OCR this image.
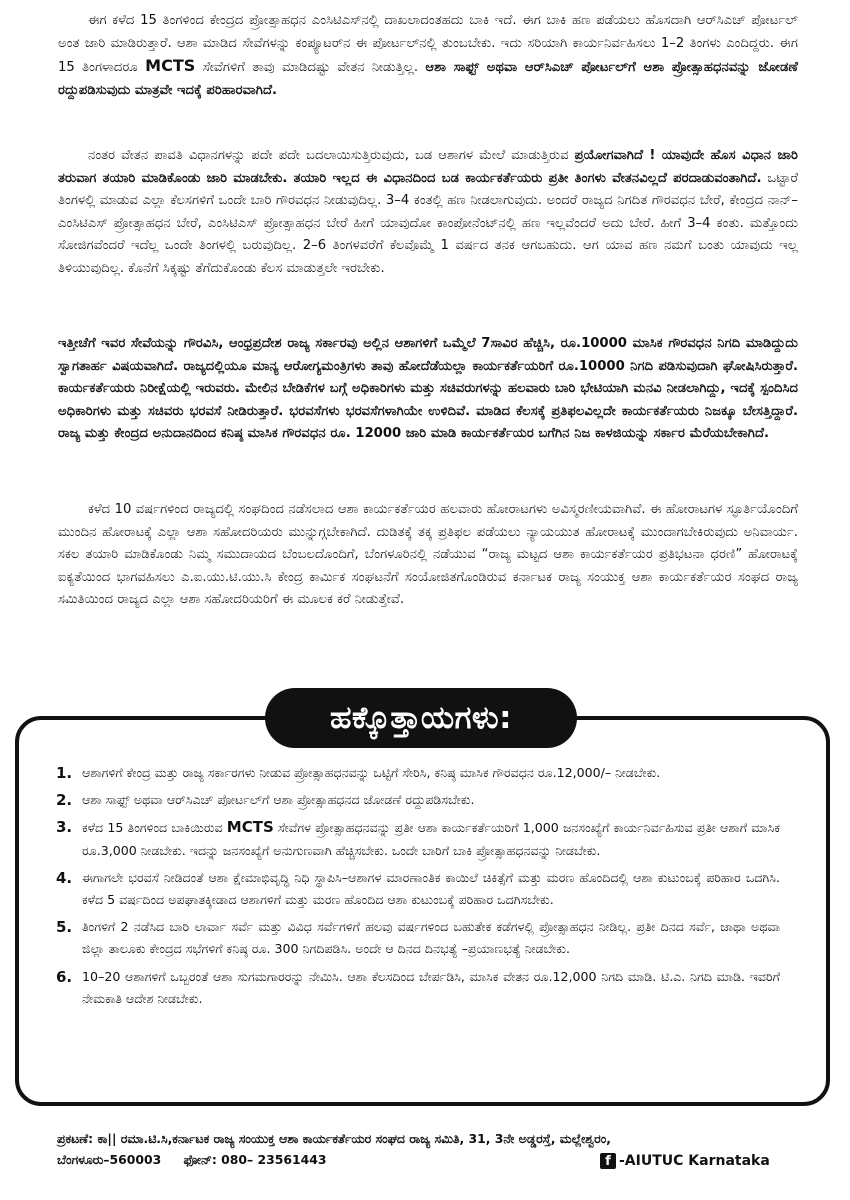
ಈಗ ಕಳೆದ 15 ತಿಂಗಳಿಂದ ಕೇಂದ್ರದ ಪ್ರೋತ್ಸಾಹಧನ ಎಂಸಿಟಿಎಸ್‌ನಲ್ಲಿ ದಾಖಲಾದಂತಹದು ಬಾಕಿ ಇದೆ. ಈಗ ಬಾಕಿ ಹಣ ಪಡೆಯಲು ಹೊಸದಾಗಿ ಆರ್‌ಸಿಎಚ್ ಪೋರ್ಟಲ್ ಅಂತ ಜಾರಿ ಮಾಡಿರುತ್ತಾರೆ. ಆಶಾ ಮಾಡಿದ ಸೇವೆಗಳನ್ನು ಕಂಪ್ಯೂಟರ್‌ನ ಈ ಪೋರ್ಟಲ್‌ನಲ್ಲಿ ತುಂಬಬೇಕು. ಇದು ಸರಿಯಾಗಿ ಕಾರ್ಯನಿರ್ವಹಿಸಲು 1–2 ತಿಂಗಳು ಎಂದಿದ್ದರು. ಈಗ 15 ತಿಂಗಳಾದರೂ MCTS ಸೇವೆಗಳಿಗೆ ತಾವು ಮಾಡಿದಷ್ಟು ವೇತನ ನೀಡುತ್ತಿಲ್ಲ. ಆಶಾ ಸಾಫ್ಟ್ ಅಥವಾ ಆರ್‌ಸಿಎಚ್ ಪೋರ್ಟಲ್‌ಗೆ ಆಶಾ ಪ್ರೋತ್ಸಾಹಧನವನ್ನು ಜೋಡಣೆ ರದ್ದುಪಡಿಸುವುದು ಮಾತ್ರವೇ ಇದಕ್ಕೆ ಪರಿಹಾರವಾಗಿದೆ.

ನಂತರ ವೇತನ ಪಾವತಿ ವಿಧಾನಗಳನ್ನು ಪದೇ ಪದೇ ಬದಲಾಯಿಸುತ್ತಿರುವುದು, ಬಡ ಆಶಾಗಳ ಮೇಲೆ ಮಾಡುತ್ತಿರುವ ಪ್ರಯೋಗವಾಗಿದೆ ! ಯಾವುದೇ ಹೊಸ ವಿಧಾನ ಜಾರಿ ತರುವಾಗ ತಯಾರಿ ಮಾಡಿಕೊಂಡು ಜಾರಿ ಮಾಡಬೇಕು. ತಯಾರಿ ಇಲ್ಲದ ಈ ವಿಧಾನದಿಂದ ಬಡ ಕಾರ್ಯಕರ್ತೆಯರು ಪ್ರತೀ ತಿಂಗಳು ವೇತನವಿಲ್ಲದೆ ಪರದಾಡುವಂತಾಗಿದೆ. ಒಟ್ಟಾರೆ ತಿಂಗಳಲ್ಲಿ ಮಾಡುವ ಎಲ್ಲಾ ಕೆಲಸಗಳಿಗೆ ಒಂದೇ ಬಾರಿ ಗೌರವಧನ ನೀಡುವುದಿಲ್ಲ. 3–4 ಕಂತಲ್ಲಿ ಹಣ ನೀಡಲಾಗುವುದು. ಅಂದರೆ ರಾಜ್ಯದ ನಿಗದಿತ ಗೌರವಧನ ಬೇರೆ, ಕೇಂದ್ರದ ನಾನ್–ಎಂಸಿಟಿಎಸ್ ಪ್ರೋತ್ಸಾಹಧನ ಬೇರೆ, ಎಂಸಿಟಿಎಸ್ ಪ್ರೋತ್ಸಾಹಧನ ಬೇರೆ ಹೀಗೆ ಯಾವುದೋ ಕಾಂಪೋನೆಂಟ್‌ನಲ್ಲಿ ಹಣ ಇಲ್ಲವೆಂದರೆ ಅದು ಬೇರೆ. ಹೀಗೆ 3–4 ಕಂತು. ಮತ್ತೊಂದು ಸೋಜಿಗವೆಂದರೆ ಇದೆಲ್ಲ ಒಂದೇ ತಿಂಗಳಲ್ಲಿ ಬರುವುದಿಲ್ಲ. 2–6 ತಿಂಗಳವರೆಗೆ ಕೆಲವೊಮ್ಮೆ 1 ವರ್ಷದ ತನಕ ಆಗಬಹುದು. ಆಗ ಯಾವ ಹಣ ನಮಗೆ ಬಂತು ಯಾವುದು ಇಲ್ಲ ತಿಳಿಯುವುದಿಲ್ಲ. ಕೊನೆಗೆ ಸಿಕ್ಕಷ್ಟು ತೆಗೆದುಕೊಂಡು ಕೆಲಸ ಮಾಡುತ್ತಲೇ ಇರಬೇಕು.

ಇತ್ತೀಚೆಗೆ ಇವರ ಸೇವೆಯನ್ನು ಗೌರವಿಸಿ, ಆಂಧ್ರಪ್ರದೇಶ ರಾಜ್ಯ ಸರ್ಕಾರವು ಅಲ್ಲಿನ ಆಶಾಗಳಿಗೆ ಒಮ್ಮೆಲೆ 7ಸಾವಿರ ಹೆಚ್ಚಿಸಿ, ರೂ.10000 ಮಾಸಿಕ ಗೌರವಧನ ನಿಗದಿ ಮಾಡಿದ್ದುದು ಸ್ವಾಗತಾರ್ಹ ವಿಷಯವಾಗಿದೆ. ರಾಜ್ಯದಲ್ಲಿಯೂ ಮಾನ್ಯ ಆರೋಗ್ಯಮಂತ್ರಿಗಳು ತಾವು ಹೋದೆಡೆಯಲ್ಲಾ ಕಾರ್ಯಕರ್ತೆಯರಿಗೆ ರೂ.10000 ನಿಗದಿ ಪಡಿಸುವುದಾಗಿ ಘೋಷಿಸಿರುತ್ತಾರೆ. ಕಾರ್ಯಕರ್ತೆಯರು ನಿರೀಕ್ಷೆಯಲ್ಲಿ ಇರುವರು. ಮೇಲಿನ ಬೇಡಿಕೆಗಳ ಬಗ್ಗೆ ಅಧಿಕಾರಿಗಳು ಮತ್ತು ಸಚಿವರುಗಳನ್ನು ಹಲವಾರು ಬಾರಿ ಭೇಟಿಯಾಗಿ ಮನವಿ ನೀಡಲಾಗಿದ್ದು, ಇದಕ್ಕೆ ಸ್ಪಂದಿಸಿದ ಅಧಿಕಾರಿಗಳು ಮತ್ತು ಸಚಿವರು ಭರವಸೆ ನೀಡಿರುತ್ತಾರೆ. ಭರವಸೆಗಳು ಭರವಸೆಗಳಾಗಿಯೇ ಉಳಿದಿವೆ. ಮಾಡಿದ ಕೆಲಸಕ್ಕೆ ಪ್ರತಿಫಲವಿಲ್ಲದೇ ಕಾರ್ಯಕರ್ತೆಯರು ನಿಜಕ್ಕೂ ಬೇಸತ್ತಿದ್ದಾರೆ. ರಾಜ್ಯ ಮತ್ತು ಕೇಂದ್ರದ ಅನುದಾನದಿಂದ ಕನಿಷ್ಠ ಮಾಸಿಕ ಗೌರವಧನ ರೂ. 12000 ಜಾರಿ ಮಾಡಿ ಕಾರ್ಯಕರ್ತೆಯರ ಬಗೆಗಿನ ನಿಜ ಕಾಳಜಿಯನ್ನು ಸರ್ಕಾರ ಮೆರೆಯಬೇಕಾಗಿದೆ.

ಕಳೆದ 10 ವರ್ಷಗಳಿಂದ ರಾಜ್ಯದಲ್ಲಿ ಸಂಘದಿಂದ ನಡೆಸಲಾದ ಆಶಾ ಕಾರ್ಯಕರ್ತೆಯರ ಹಲವಾರು ಹೋರಾಟಗಳು ಅವಿಸ್ಮರಣೀಯವಾಗಿವೆ. ಈ ಹೋರಾಟಗಳ ಸ್ಫೂರ್ತಿಯೊಂದಿಗೆ ಮುಂದಿನ ಹೋರಾಟಕ್ಕೆ ಎಲ್ಲಾ ಆಶಾ ಸಹೋದರಿಯರು ಮುನ್ನುಗ್ಗಬೇಕಾಗಿದೆ. ದುಡಿತಕ್ಕೆ ತಕ್ಕ ಪ್ರತಿಫಲ ಪಡೆಯಲು ನ್ಯಾಯಯುತ ಹೋರಾಟಕ್ಕೆ ಮುಂದಾಗಬೇಕಿರುವುದು ಅನಿವಾರ್ಯ. ಸಕಲ ತಯಾರಿ ಮಾಡಿಕೊಂಡು ನಿಮ್ಮ ಸಮುದಾಯದ ಬೆಂಬಲದೊಂದಿಗೆ, ಬೆಂಗಳೂರಿನಲ್ಲಿ ನಡೆಯುವ “ರಾಜ್ಯ ಮಟ್ಟದ ಆಶಾ ಕಾರ್ಯಕರ್ತೆಯರ ಪ್ರತಿಭಟನಾ ಧರಣಿ” ಹೋರಾಟಕ್ಕೆ ಐಕ್ಯತೆಯಿಂದ ಭಾಗವಹಿಸಲು ಎ.ಐ.ಯು.ಟಿ.ಯು.ಸಿ ಕೇಂದ್ರ ಕಾರ್ಮಿಕ ಸಂಘಟನೆಗೆ ಸಂಯೋಜಿತಗೊಂಡಿರುವ ಕರ್ನಾಟಕ ರಾಜ್ಯ ಸಂಯುಕ್ತ ಆಶಾ ಕಾರ್ಯಕರ್ತೆಯರ ಸಂಘದ ರಾಜ್ಯ ಸಮಿತಿಯಿಂದ ರಾಜ್ಯದ ಎಲ್ಲಾ ಆಶಾ ಸಹೋದರಿಯರಿಗೆ ಈ ಮೂಲಕ ಕರೆ ನೀಡುತ್ತೇವೆ.

ಹಕ್ಕೊತ್ತಾಯಗಳು:
1. ಆಶಾಗಳಿಗೆ ಕೇಂದ್ರ ಮತ್ತು ರಾಜ್ಯ ಸರ್ಕಾರಗಳು ನೀಡುವ ಪ್ರೋತ್ಸಾಹಧನವನ್ನು ಒಟ್ಟಿಗೆ ಸೇರಿಸಿ, ಕನಿಷ್ಠ ಮಾಸಿಕ ಗೌರವಧನ ರೂ.12,000/– ನೀಡಬೇಕು.
2. ಆಶಾ ಸಾಫ್ಟ್ ಅಥವಾ ಆರ್‌ಸಿಎಚ್ ಪೋರ್ಟಲ್‌ಗೆ ಆಶಾ ಪ್ರೋತ್ಸಾಹಧನದ ಜೋಡಣೆ ರದ್ದುಪಡಿಸಬೇಕು.
3. ಕಳೆದ 15 ತಿಂಗಳಿಂದ ಬಾಕಿಯಿರುವ MCTS ಸೇವೆಗಳ ಪ್ರೋತ್ಸಾಹಧನವನ್ನು ಪ್ರತೀ ಆಶಾ ಕಾರ್ಯಕರ್ತೆಯರಿಗೆ 1,000 ಜನಸಂಖ್ಯೆಗೆ ಕಾರ್ಯನಿರ್ವಹಿಸುವ ಪ್ರತೀ ಆಶಾಗೆ ಮಾಸಿಕ ರೂ.3,000 ನೀಡಬೇಕು. ಇದನ್ನು ಜನಸಂಖ್ಯೆಗೆ ಅನುಗುಣವಾಗಿ ಹೆಚ್ಚಿಸಬೇಕು. ಒಂದೇ ಬಾರಿಗೆ ಬಾಕಿ ಪ್ರೋತ್ಸಾಹಧನವನ್ನು ನೀಡಬೇಕು.
4. ಈಗಾಗಲೇ ಭರವಸೆ ನೀಡಿದಂತೆ ಆಶಾ ಕ್ಷೇಮಾಭಿವೃದ್ಧಿ ನಿಧಿ ಸ್ಥಾಪಿಸಿ–ಆಶಾಗಳ ಮಾರಣಾಂತಿಕ ಕಾಯಿಲೆ ಚಿಕಿತ್ಸೆಗೆ ಮತ್ತು ಮರಣ ಹೊಂದಿದಲ್ಲಿ ಆಶಾ ಕುಟುಂಬಕ್ಕೆ ಪರಿಹಾರ ಒದಗಿಸಿ. ಕಳೆದ 5 ವರ್ಷದಿಂದ ಅಪಘಾತಕ್ಕೀಡಾದ ಆಶಾಗಳಿಗೆ ಮತ್ತು ಮರಣ ಹೊಂದಿದ ಆಶಾ ಕುಟುಂಬಕ್ಕೆ ಪರಿಹಾರ ಒದಗಿಸಬೇಕು.
5. ತಿಂಗಳಿಗೆ 2 ನಡೆಸಿದ ಬಾರಿ ಲಾರ್ವಾ ಸರ್ವೆ ಮತ್ತು ವಿವಿಧ ಸರ್ವೆಗಳಿಗೆ ಹಲವು ವರ್ಷಗಳಿಂದ ಬಹುತೇಕ ಕಡೆಗಳಲ್ಲಿ ಪ್ರೋತ್ಸಾಹಧನ ನೀಡಿಲ್ಲ. ಪ್ರತೀ ದಿನದ ಸರ್ವೆ, ಜಾಥಾ ಅಥವಾ ಜಿಲ್ಲಾ ತಾಲೂಕು ಕೇಂದ್ರದ ಸಭೆಗಳಿಗೆ ಕನಿಷ್ಠ ರೂ. 300 ನಿಗದಿಪಡಿಸಿ. ಅಂದೇ ಆ ದಿನದ ದಿನಭತ್ಯೆ –ಪ್ರಯಾಣಭತ್ಯೆ ನೀಡಬೇಕು.
6. 10–20 ಆಶಾಗಳಿಗೆ ಒಬ್ಬರಂತೆ ಆಶಾ ಸುಗಮಗಾರರನ್ನು ನೇಮಿಸಿ. ಆಶಾ ಕೆಲಸದಿಂದ ಬೇರ್ಪಡಿಸಿ, ಮಾಸಿಕ ವೇತನ ರೂ.12,000 ನಿಗದಿ ಮಾಡಿ. ಟಿ.ಎ. ನಿಗದಿ ಮಾಡಿ. ಇವರಿಗೆ ನೇಮಕಾತಿ ಆದೇಶ ನೀಡಬೇಕು.
ಪ್ರಕಟಣೆ: ಕಾ|| ರಮಾ.ಟಿ.ಸಿ,ಕರ್ನಾಟಕ ರಾಜ್ಯ ಸಂಯುಕ್ತ ಆಶಾ ಕಾರ್ಯಕರ್ತೆಯರ ಸಂಘದ ರಾಜ್ಯ ಸಮಿತಿ, 31, 3ನೇ ಅಡ್ಡರಸ್ತೆ, ಮಲ್ಲೇಶ್ವರಂ,
ಬೆಂಗಳೂರು–560003 ಫೋನ್: 080– 23561443	f -AIUTUC Karnataka
